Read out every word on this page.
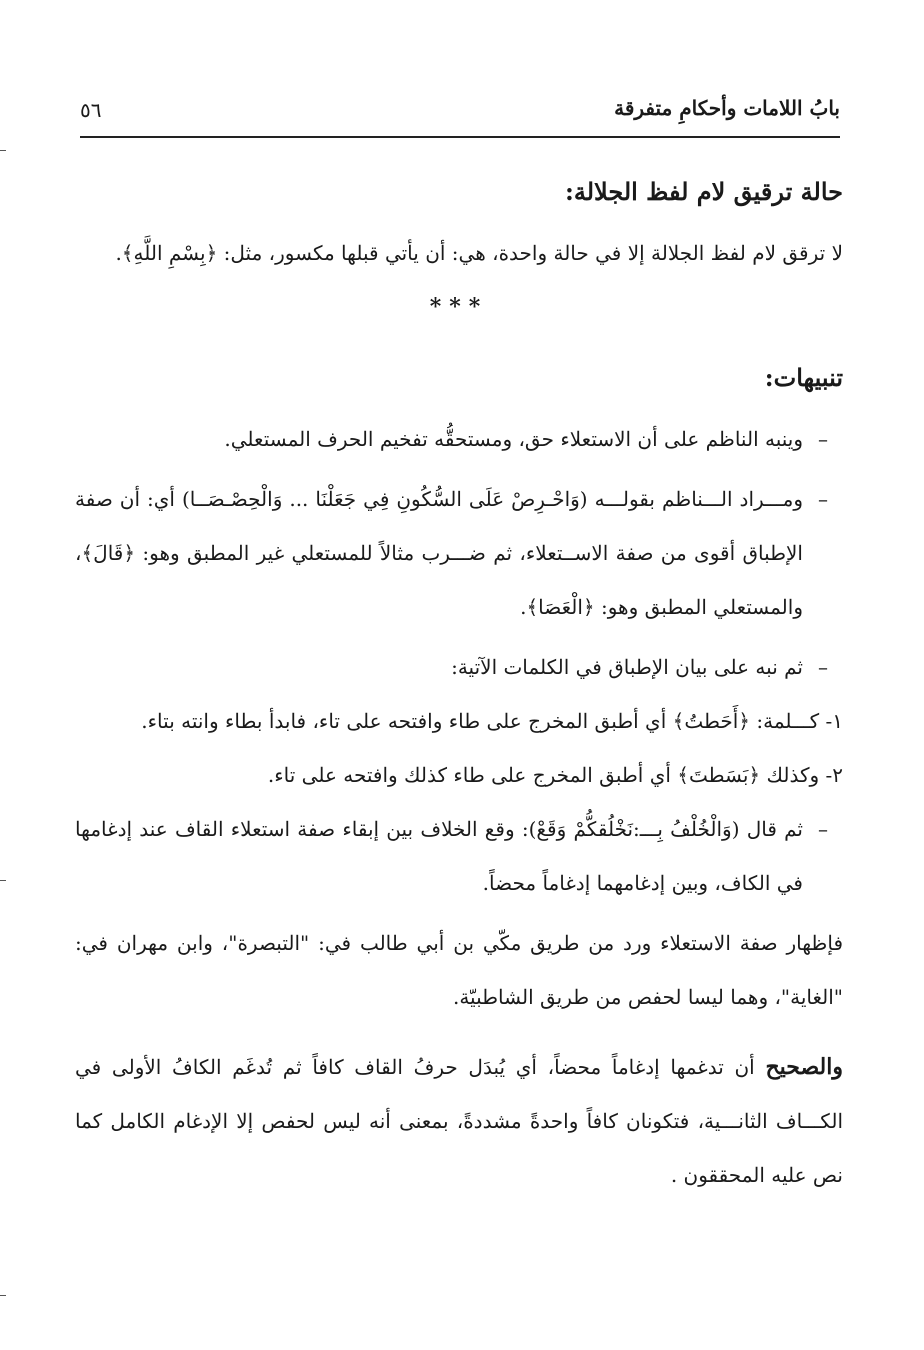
بابُ اللامات وأحكامِ متفرقة
٥٦
حالة ترقيق لام لفظ الجلالة:

لا ترقق لام لفظ الجلالة إلا في حالة واحدة، هي: أن يأتي قبلها مكسور، مثل: ﴿بِسْمِ اللَّهِ﴾.

***
تنبيهات:
–
وينبه الناظم على أن الاستعلاء حق، ومستحقُّه تفخيم الحرف المستعلي.
–
ومـــراد الـــناظم بقولـــه (وَاحْـرِصْ عَلَى السُّكُونِ فِي جَعَلْنَا ... وَالْحِصْـصَــا) أي: أن صفة الإطباق أقوى من صفة الاســتعلاء، ثم ضـــرب مثالاً للمستعلي غير المطبق وهو: ﴿قَالَ﴾، والمستعلي المطبق وهو: ﴿الْعَصَا﴾.
–
ثم نبه على بيان الإطباق في الكلمات الآتية:

١- كـــلمة: ﴿أَحَطتُ﴾ أي أطبق المخرج على طاء وافتحه على تاء، فابدأ بطاء وانته بتاء.

٢- وكذلك ﴿بَسَطتَ﴾ أي أطبق المخرج على طاء كذلك وافتحه على تاء.

–
ثم قال (وَالْخُلْفُ بِـــ:نَخْلُقكُّمْ وَقَعْ): وقع الخلاف بين إبقاء صفة استعلاء القاف عند إدغامها في الكاف، وبين إدغامهما إدغاماً محضاً.

فإظهار صفة الاستعلاء ورد من طريق مكّي بن أبي طالب في: "التبصرة"، وابن مهران في: "الغاية"، وهما ليسا لحفص من طريق الشاطبيّة.

والصحيح أن تدغمها إدغاماً محضاً، أي يُبدَل حرفُ القاف كافاً ثم تُدغَم الكافُ الأولى في الكـــاف الثانـــية، فتكونان كافاً واحدةً مشددةً، بمعنى أنه ليس لحفص إلا الإدغام الكامل كما نص عليه المحققون .
